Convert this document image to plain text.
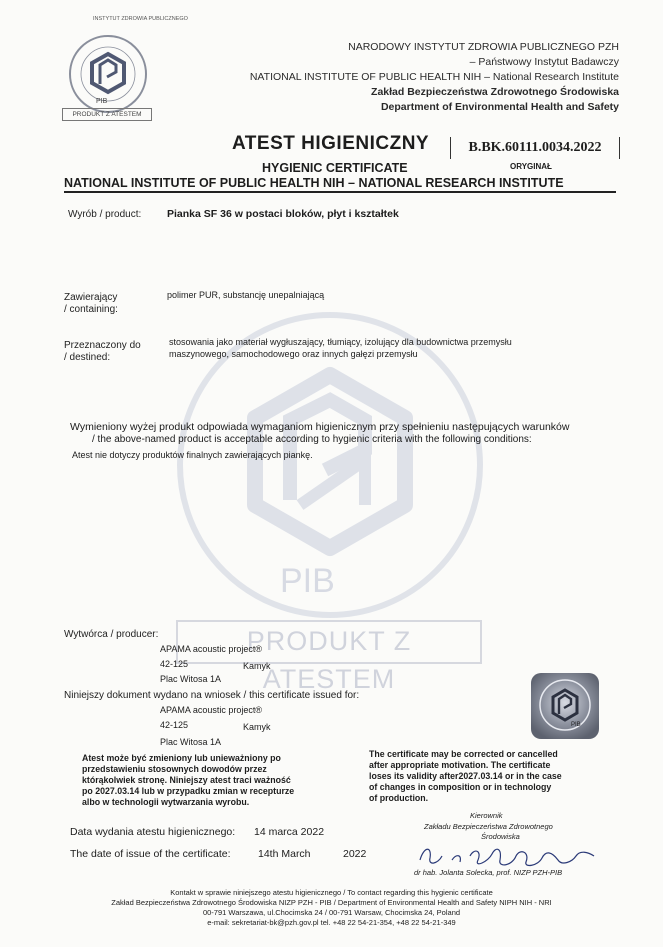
PIB
PRODUKT Z ATESTEM
INSTYTUT ZDROWIA PUBLICZNEGO
PIB
PRODUKT Z ATESTEM
NARODOWY INSTYTUT ZDROWIA PUBLICZNEGO PZH
– Państwowy Instytut Badawczy
NATIONAL INSTITUTE OF PUBLIC HEALTH NIH – National Research Institute
Zakład Bezpieczeństwa Zdrowotnego Środowiska
Department of Environmental Health and Safety
ATEST HIGIENICZNY	B.BK.60111.0034.2022
ORYGINAŁ
HYGIENIC CERTIFICATE
NATIONAL INSTITUTE OF PUBLIC HEALTH NIH – NATIONAL RESEARCH INSTITUTE
Wyrób / product: Pianka SF 36 w postaci bloków, płyt i kształtek
Zawierający
/ containing:
polimer PUR, substancję unepalniającą
Przeznaczony do
/ destined:
stosowania jako materiał wygłuszający, tłumiący, izolujący dla budownictwa przemysłu
maszynowego, samochodowego oraz innych gałęzi przemysłu
Wymieniony wyżej produkt odpowiada wymaganiom higienicznym przy spełnieniu następujących warunków
/ the above-named product is acceptable according to hygienic criteria with the following conditions:
Atest nie dotyczy produktów finalnych zawierających piankę.
Wytwórca / producer:
APAMA acoustic project®
42-125	Kamyk
Plac Witosa 1A
Niniejszy dokument wydano na wniosek / this certificate issued for:
APAMA acoustic project®
42-125	Kamyk
Plac Witosa 1A
PIB
Atest może być zmieniony lub unieważniony po
przedstawieniu stosownych dowodów przez
którąkolwiek stronę. Niniejszy atest traci ważność
po 2027.03.14 lub w przypadku zmian w recepturze
albo w technologii wytwarzania wyrobu.
The certificate may be corrected or cancelled
after appropriate motivation. The certificate
loses its validity after2027.03.14 or in the case
of changes in composition or in technology
of production.
Data wydania atestu higienicznego: 14 marca 2022
The date of issue of the certificate:	14th March	2022
Kierownik
Zakładu Bezpieczeństwa Zdrowotnego
Środowiska
dr hab. Jolanta Solecka, prof. NIZP PZH-PIB
Kontakt w sprawie niniejszego atestu higienicznego / To contact regarding this hygienic certificate
Zakład Bezpieczeństwa Zdrowotnego Środowiska NIZP PZH - PIB / Department of Environmental Health and Safety NIPH NIH - NRI
00-791 Warszawa, ul.Chocimska 24 / 00-791 Warsaw, Chocimska 24, Poland
e-mail: sekretariat-bk@pzh.gov.pl tel. +48 22 54-21-354, +48 22 54-21-349
